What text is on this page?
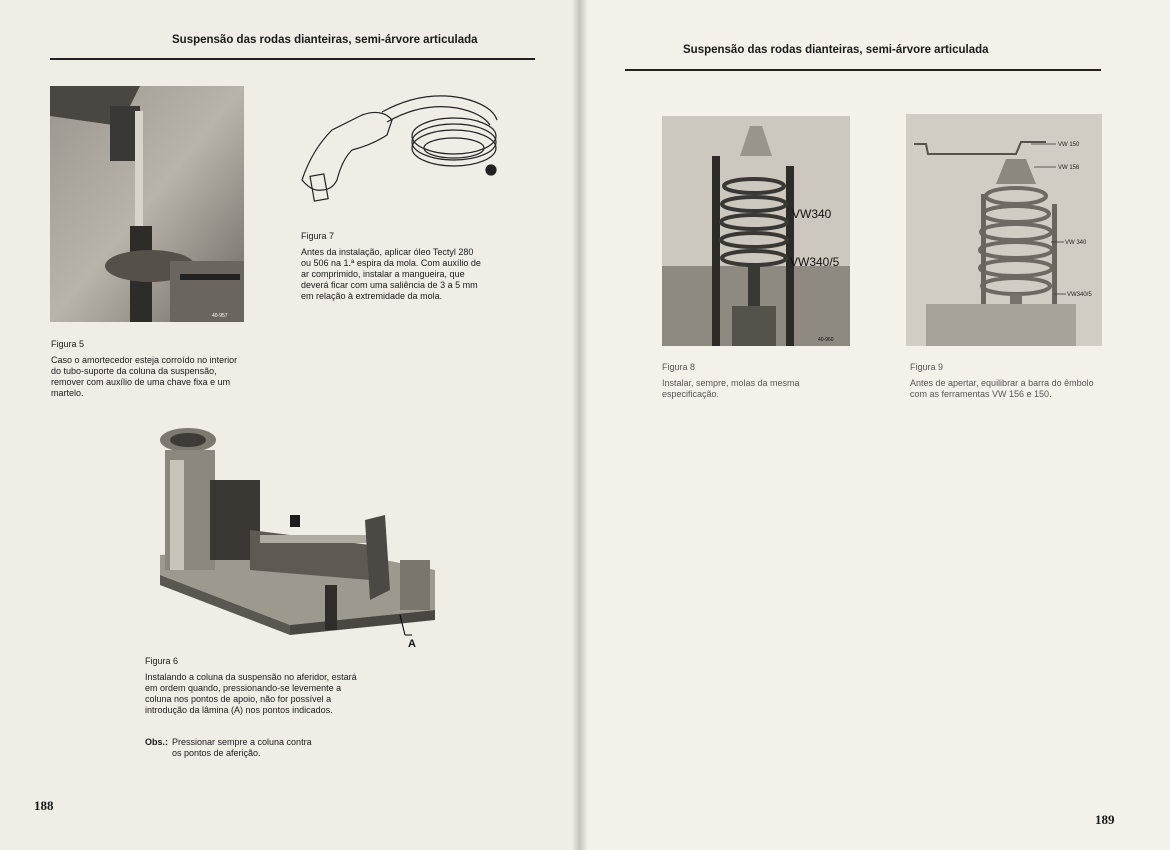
Suspensão das rodas dianteiras, semi-árvore articulada
40-957
Figura 5
Caso o amortecedor esteja corroído no interior do tubo-suporte da coluna da suspensão, remover com auxílio de uma chave fixa e um martelo.
Figura 7
Antes da instalação, aplicar óleo Tectyl 280 ou 506 na 1.ª espira da mola. Com auxílio de ar comprimido, instalar a mangueira, que deverá ficar com uma saliência de 3 a 5 mm em relação à extremidade da mola.
A
Figura 6
Instalando a coluna da suspensão no aferidor, estará em ordem quando, pressionando-se levemente a coluna nos pontos de apoio, não for possível a introdução da lâmina (A) nos pontos indicados.
Obs.: Pressionar sempre a coluna contra os pontos de aferição.
188
Suspensão das rodas dianteiras, semi-árvore articulada
VW340
VW340/5
40-960
Figura 8
Instalar, sempre, molas da mesma especificação.
VW 150
VW 156
VW 340
VW340/5
Figura 9
Antes de apertar, equilibrar a barra do êmbolo com as ferramentas VW 156 e 150.
189
